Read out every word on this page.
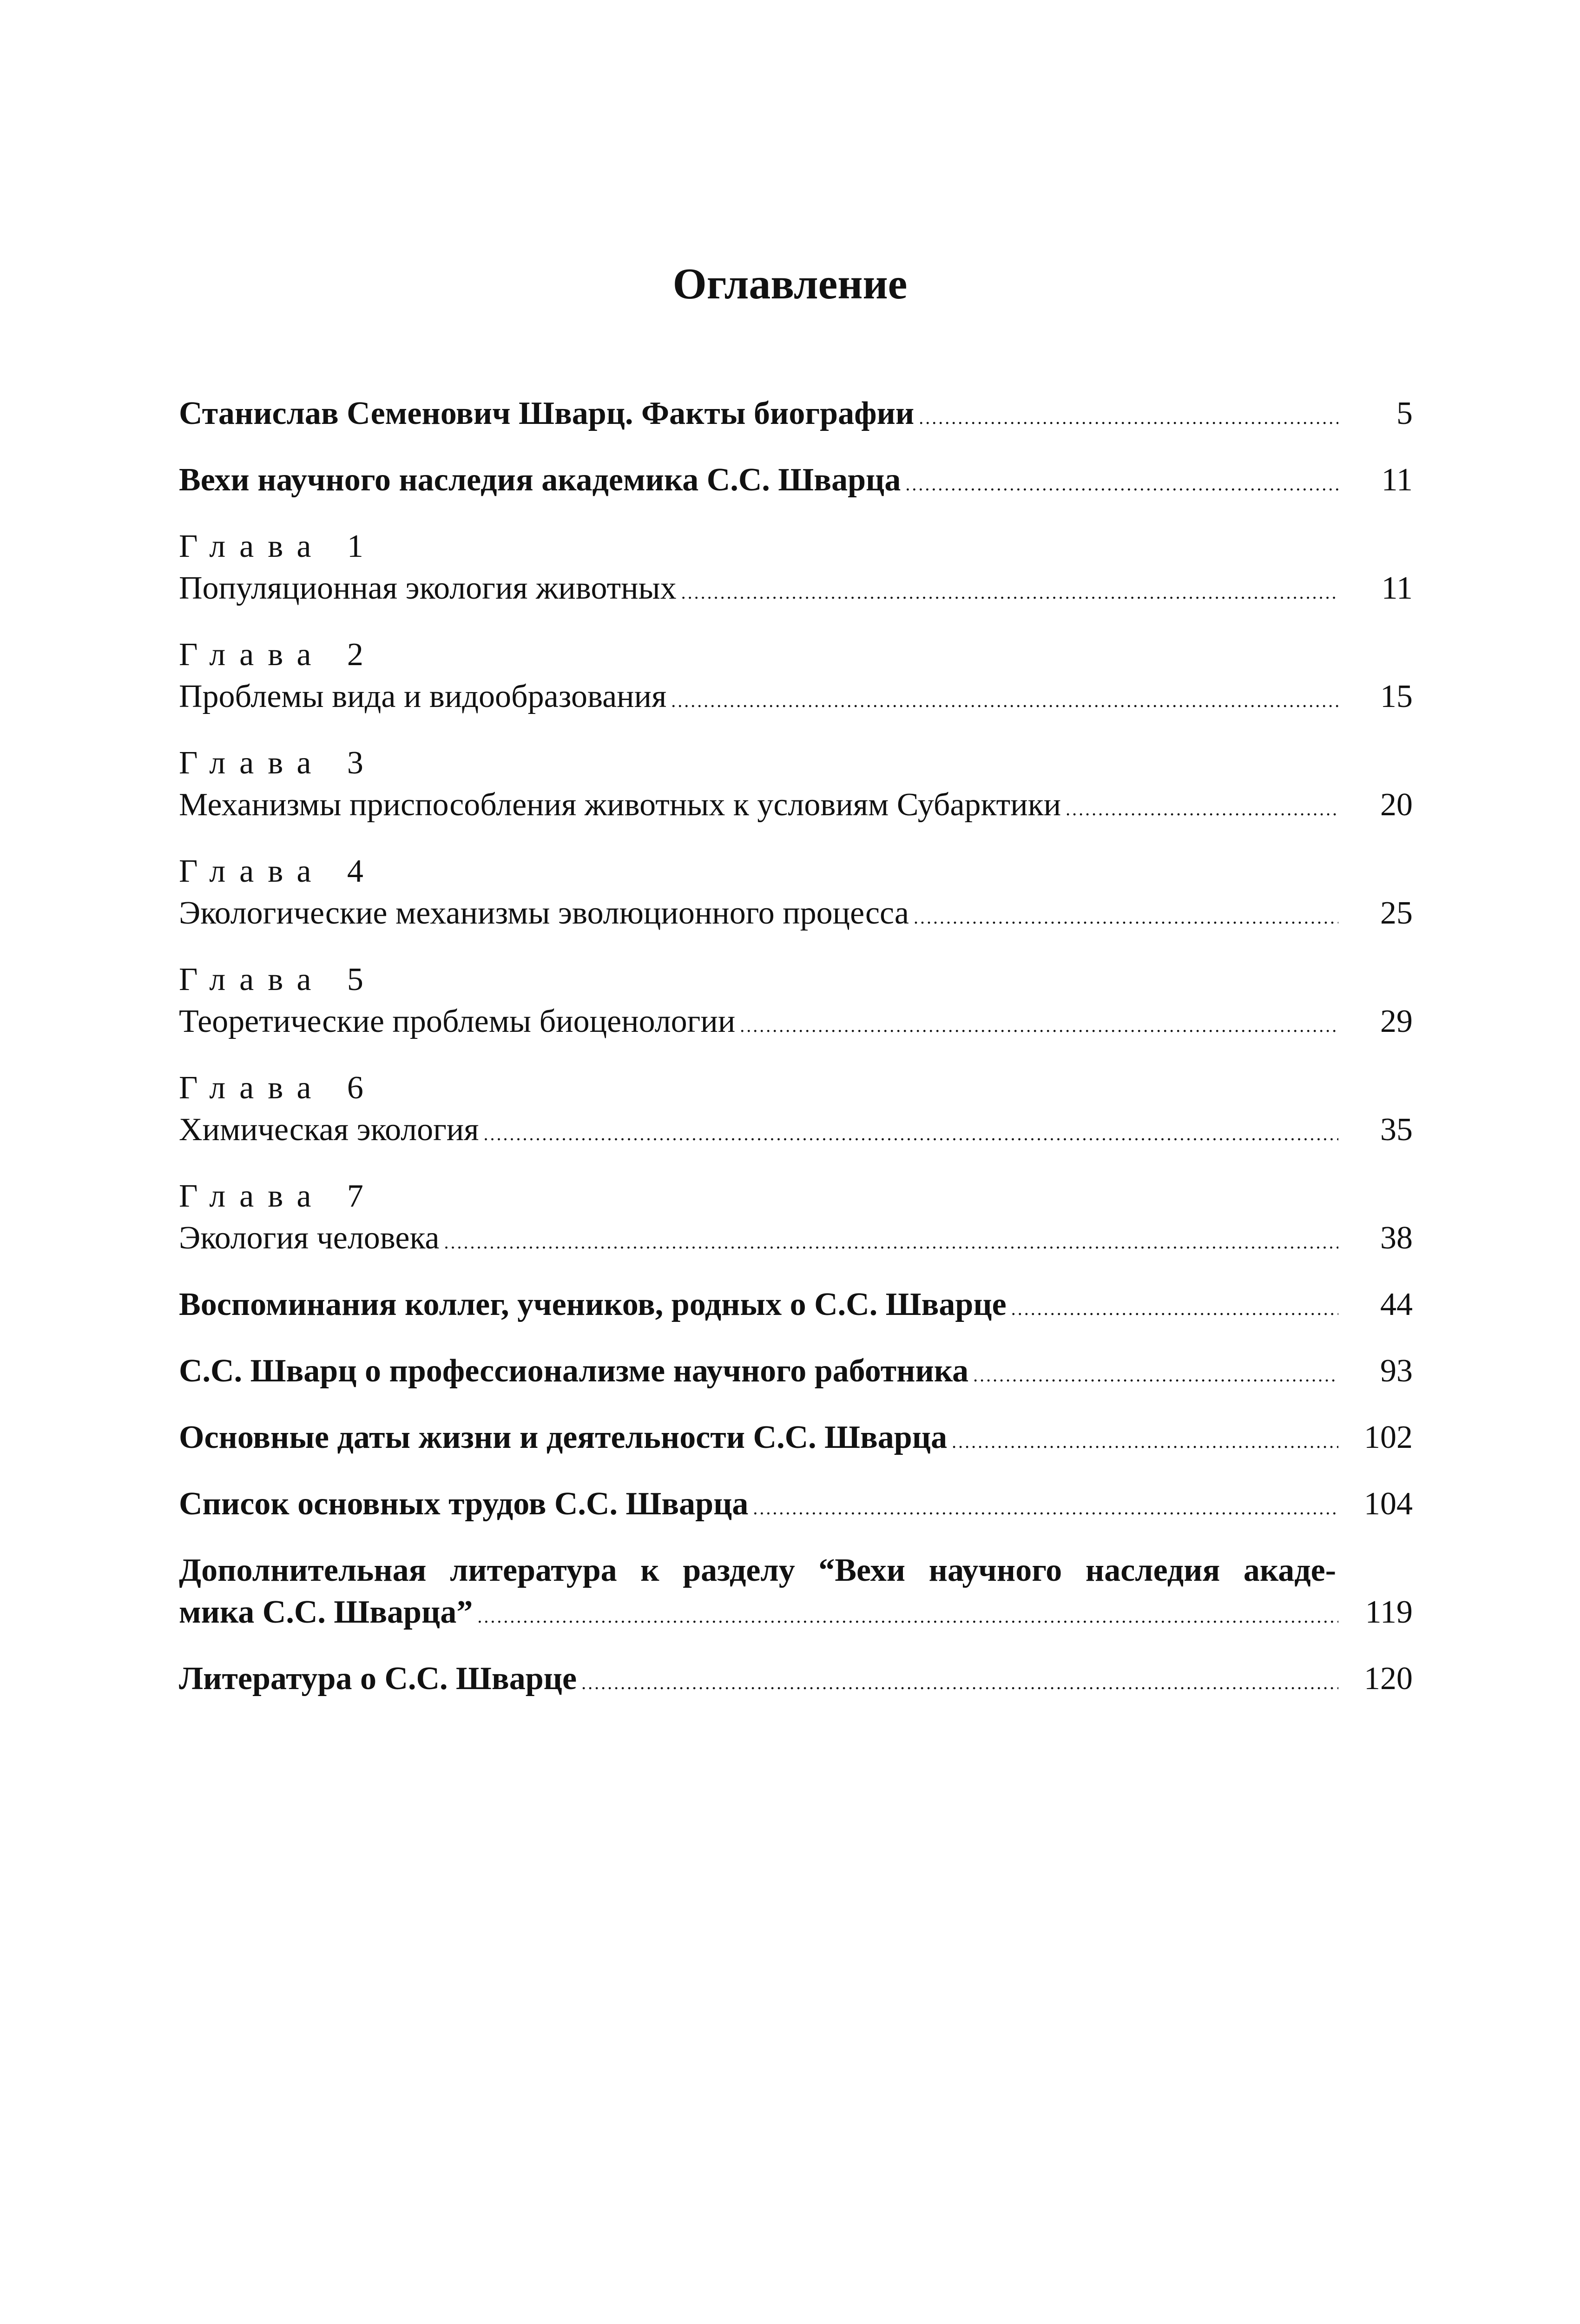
Оглавление
Станислав Семенович Шварц. Факты биографии .....	5
Вехи научного наследия академика С.С. Шварца .....	11
Глава 1
Популяционная экология животных .....	11
Глава 2
Проблемы вида и видообразования .....	15
Глава 3
Механизмы приспособления животных к условиям Субарктики .....	20
Глава 4
Экологические механизмы эволюционного процесса .....	25
Глава 5
Теоретические проблемы биоценологии .....	29
Глава 6
Химическая экология .....	35
Глава 7
Экология человека .....	38
Воспоминания коллег, учеников, родных о С.С. Шварце .....	44
С.С. Шварц о профессионализме научного работника .....	93
Основные даты жизни и деятельности С.С. Шварца .....	102
Список основных трудов С.С. Шварца .....	104
Дополнительная литература к разделу “Вехи научного наследия акаде-
мика С.С. Шварца” .....	119
Литература о С.С. Шварце .....	120
